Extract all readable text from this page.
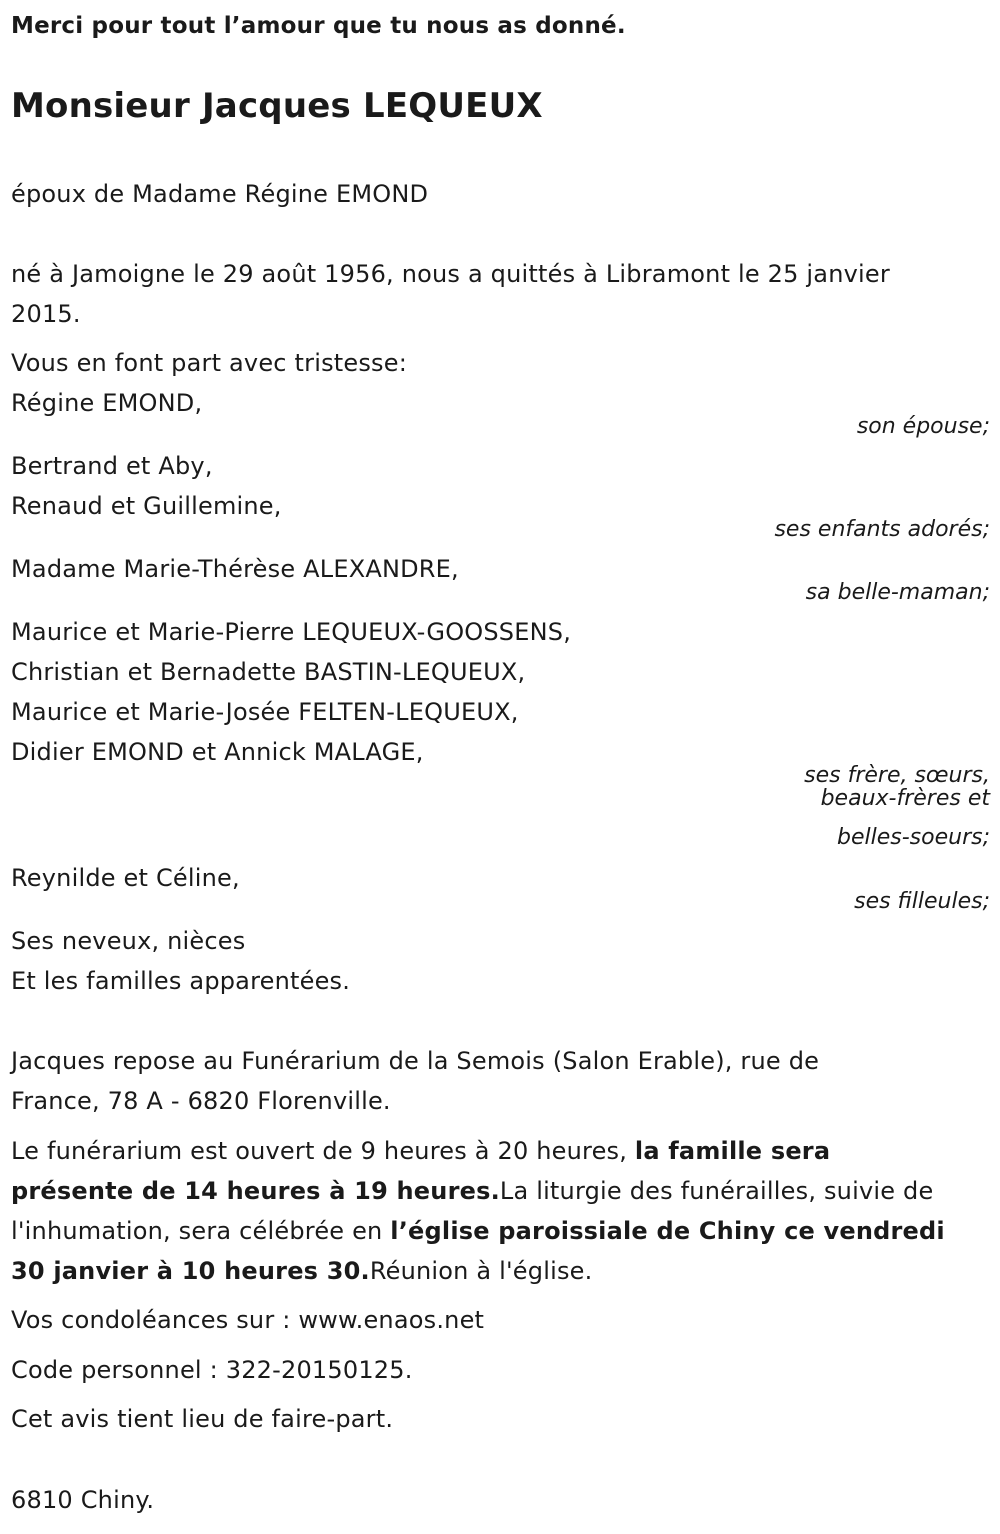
Merci pour tout l’amour que tu nous as donné.
Monsieur Jacques LEQUEUX
époux de Madame Régine EMOND
né à Jamoigne le 29 août 1956, nous a quittés à Libramont le 25 janvier
2015.
Vous en font part avec tristesse:
Régine EMOND,
son épouse;
Bertrand et Aby,
Renaud et Guillemine,
ses enfants adorés;
Madame Marie-Thérèse ALEXANDRE,
sa belle-maman;
Maurice et Marie-Pierre LEQUEUX-GOOSSENS,
Christian et Bernadette BASTIN-LEQUEUX,
Maurice et Marie-Josée FELTEN-LEQUEUX,
Didier EMOND et Annick MALAGE,
ses frère, sœurs,
beaux-frères et
belles-soeurs;
Reynilde et Céline,
ses filleules;
Ses neveux, nièces
Et les familles apparentées.
Jacques repose au Funérarium de la Semois (Salon Erable), rue de
France, 78 A - 6820 Florenville.
Le funérarium est ouvert de 9 heures à 20 heures, la famille sera
présente de 14 heures à 19 heures.La liturgie des funérailles, suivie de
l'inhumation, sera célébrée en l’église paroissiale de Chiny ce vendredi
30 janvier à 10 heures 30.Réunion à l'église.
Vos condoléances sur : www.enaos.net
Code personnel : 322-20150125.
Cet avis tient lieu de faire-part.
6810 Chiny.
